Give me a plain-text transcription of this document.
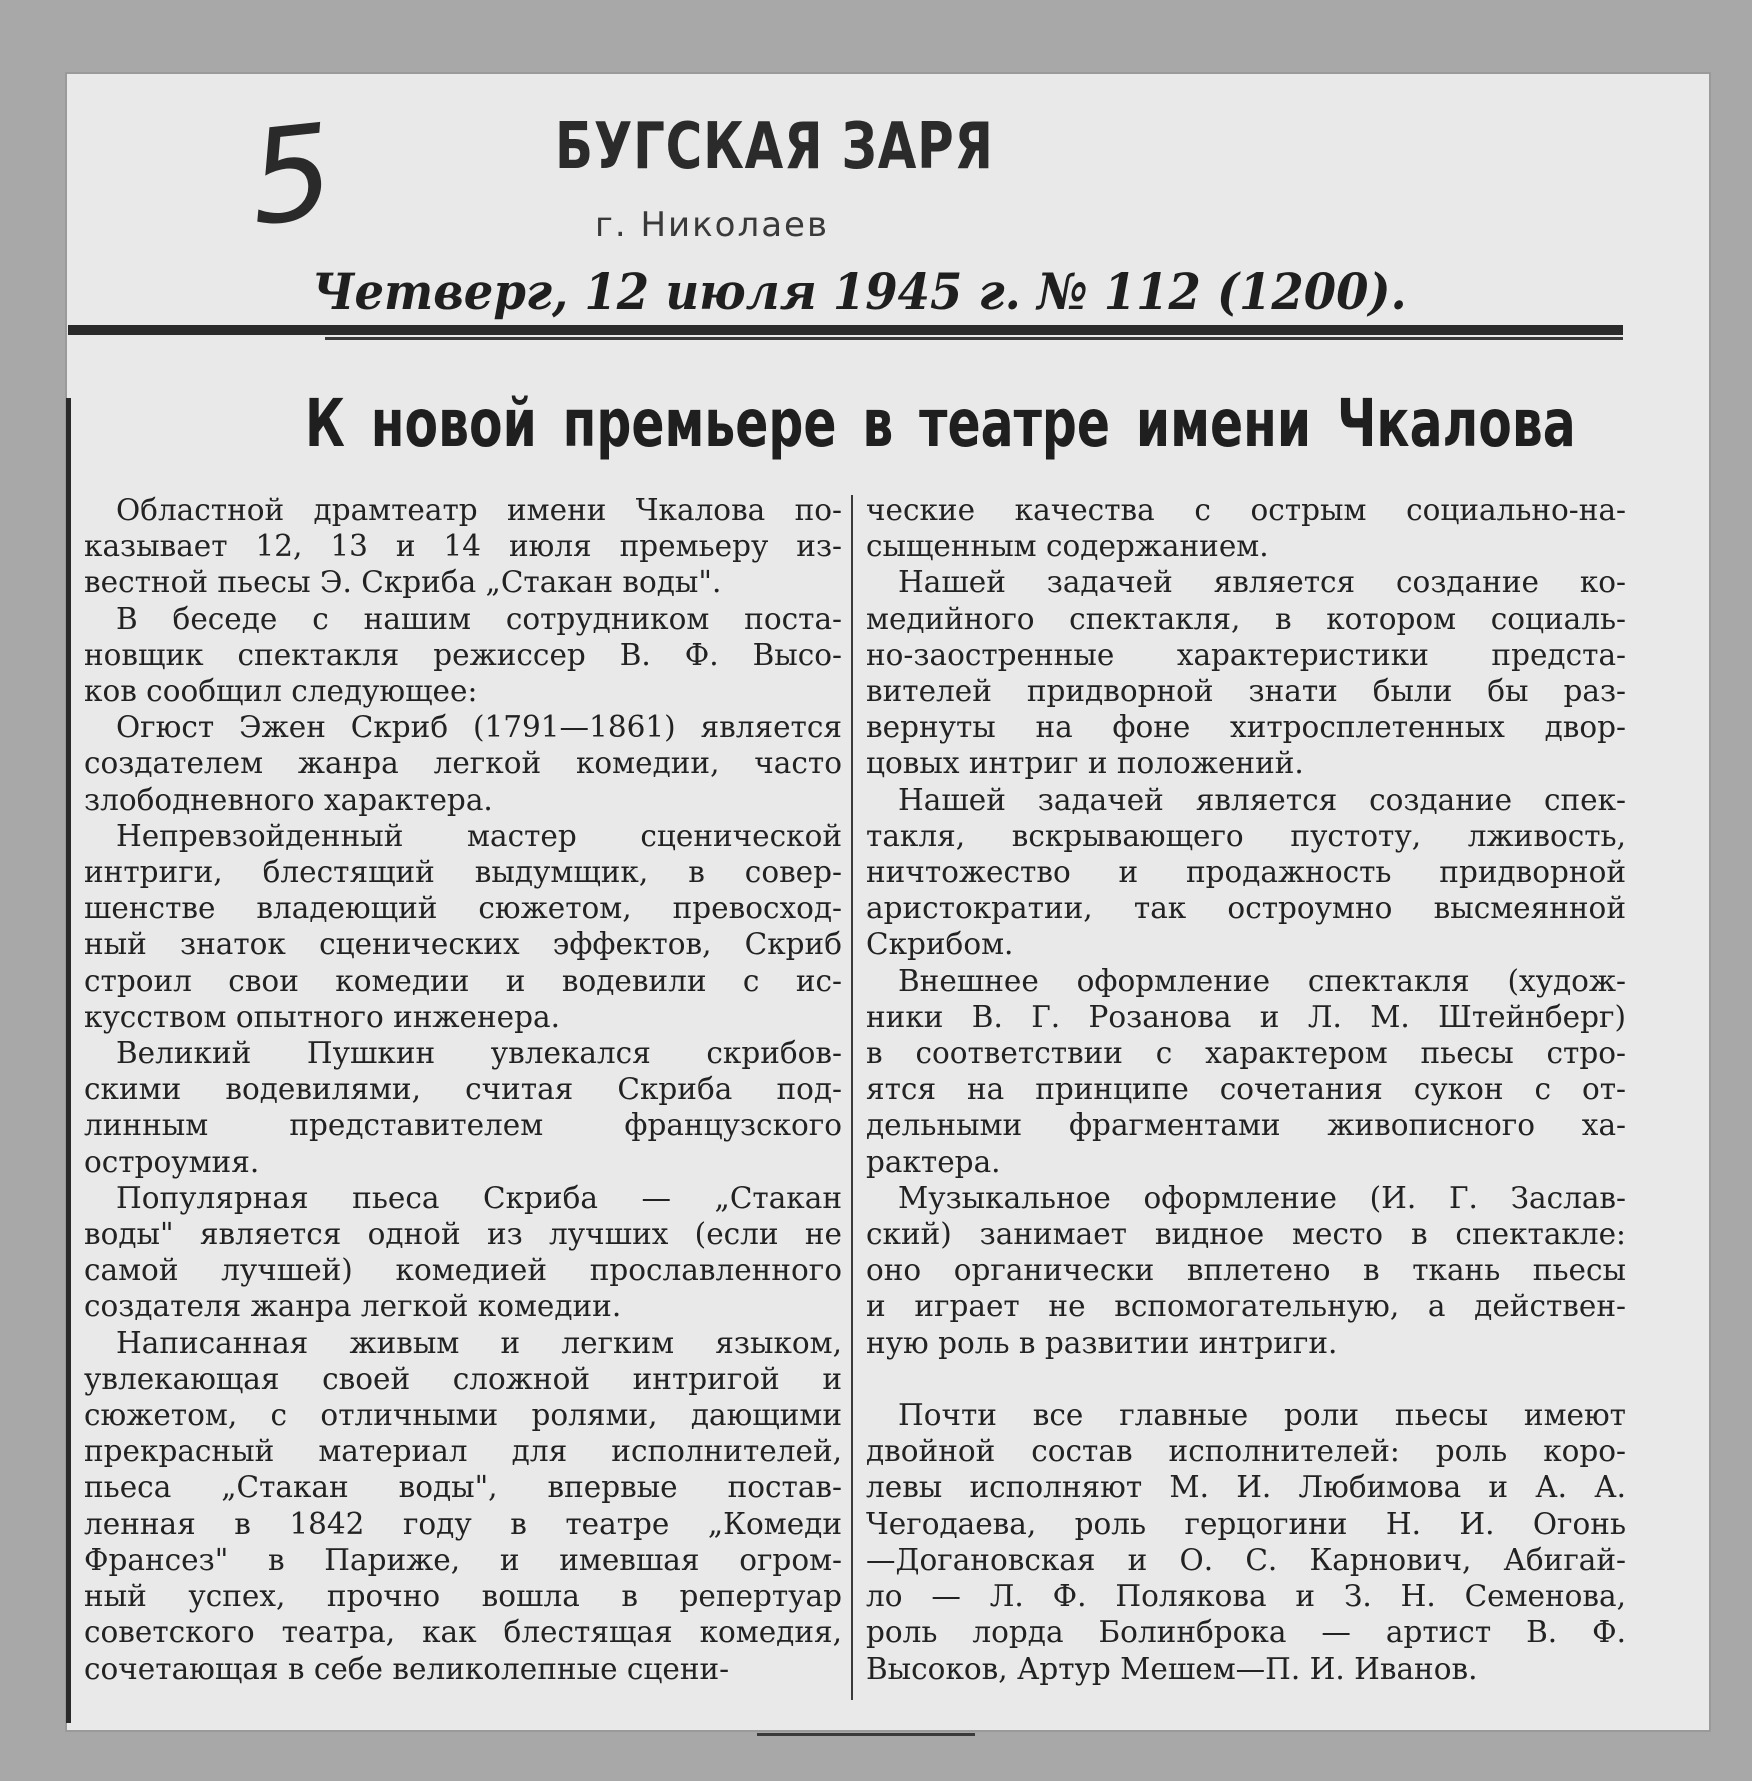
5	БУГСКАЯ ЗАРЯ
г. Николаев
Четверг, 12 июля 1945 г. № 112 (1200).
К новой премьере в театре имени Чкалова
Областной драмтеатр имени Чкалова по-
казывает 12, 13 и 14 июля премьеру из-
вестной пьесы Э. Скриба „Стакан воды".
В беседе с нашим сотрудником поста-
новщик спектакля режиссер В. Ф. Высо-
ков сообщил следующее:
Огюст Эжен Скриб (1791—1861) является
создателем жанра легкой комедии, часто
злободневного характера.
Непревзойденный мастер сценической
интриги, блестящий выдумщик, в совер-
шенстве владеющий сюжетом, превосход-
ный знаток сценических эффектов, Скриб
строил свои комедии и водевили с ис-
кусством опытного инженера.
Великий Пушкин увлекался скрибов-
скими водевилями, считая Скриба под-
линным представителем французского
остроумия.
Популярная пьеса Скриба — „Стакан
воды" является одной из лучших (если не
самой лучшей) комедией прославленного
создателя жанра легкой комедии.
Написанная живым и легким языком,
увлекающая своей сложной интригой и
сюжетом, с отличными ролями, дающими
прекрасный материал для исполнителей,
пьеса „Стакан воды", впервые постав-
ленная в 1842 году в театре „Комеди
Франсез" в Париже, и имевшая огром-
ный успех, прочно вошла в репертуар
советского театра, как блестящая комедия,
сочетающая в себе великолепные сцени-
ческие качества с острым социально-на-
сыщенным содержанием.
Нашей задачей является создание ко-
медийного спектакля, в котором социаль-
но-заостренные характеристики предста-
вителей придворной знати были бы раз-
вернуты на фоне хитросплетенных двор-
цовых интриг и положений.
Нашей задачей является создание спек-
такля, вскрывающего пустоту, лживость,
ничтожество и продажность придворной
аристократии, так остроумно высмеянной
Скрибом.
Внешнее оформление спектакля (худож-
ники В. Г. Розанова и Л. М. Штейнберг)
в соответствии с характером пьесы стро-
ятся на принципе сочетания сукон с от-
дельными фрагментами живописного ха-
рактера.
Музыкальное оформление (И. Г. Заслав-
ский) занимает видное место в спектакле:
оно органически вплетено в ткань пьесы
и играет не вспомогательную, а действен-
ную роль в развитии интриги.

Почти все главные роли пьесы имеют
двойной состав исполнителей: роль коро-
левы исполняют М. И. Любимова и А. А.
Чегодаева, роль герцогини Н. И. Огонь
—Догановская и О. С. Карнович, Абигай-
ло — Л. Ф. Полякова и З. Н. Семенова,
роль лорда Болинброка — артист В. Ф.
Высоков, Артур Мешем—П. И. Иванов.
